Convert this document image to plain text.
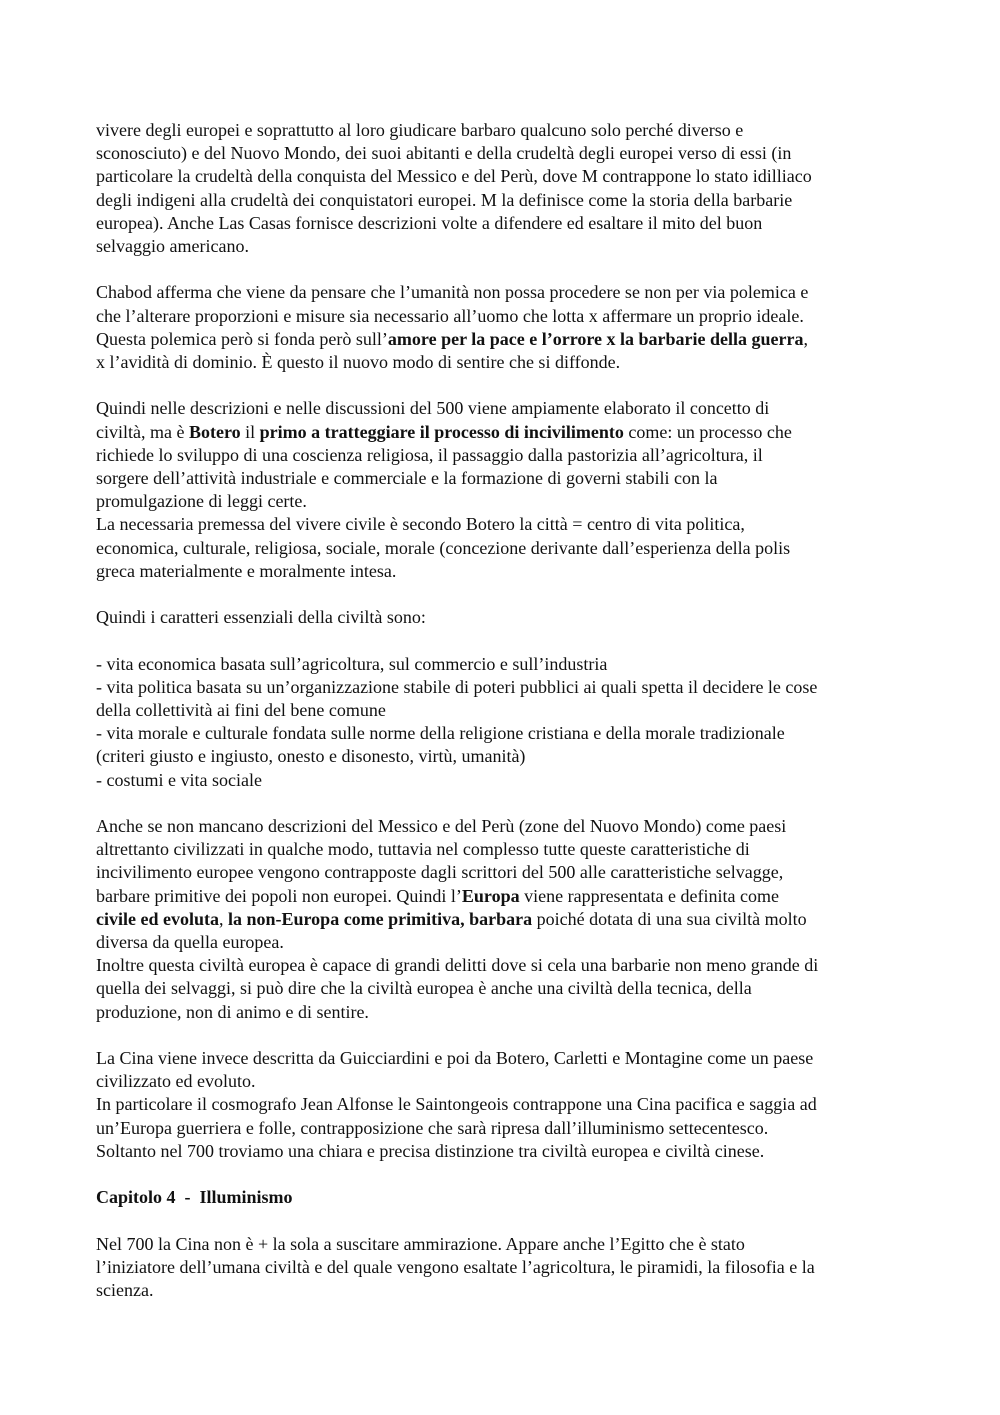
vivere degli europei e soprattutto al loro giudicare barbaro qualcuno solo perché diverso e
sconosciuto) e del Nuovo Mondo, dei suoi abitanti e della crudeltà degli europei verso di essi (in
particolare la crudeltà della conquista del Messico e del Perù, dove M contrappone lo stato idilliaco
degli indigeni alla crudeltà dei conquistatori europei. M la definisce come la storia della barbarie
europea). Anche Las Casas fornisce descrizioni volte a difendere ed esaltare il mito del buon
selvaggio americano.

Chabod afferma che viene da pensare che l’umanità non possa procedere se non per via polemica e
che l’alterare proporzioni e misure sia necessario all’uomo che lotta x affermare un proprio ideale.
Questa polemica però si fonda però sull’amore per la pace e l’orrore x la barbarie della guerra,
x l’avidità di dominio. È questo il nuovo modo di sentire che si diffonde.

Quindi nelle descrizioni e nelle discussioni del 500 viene ampiamente elaborato il concetto di
civiltà, ma è Botero il primo a tratteggiare il processo di incivilimento come: un processo che
richiede lo sviluppo di una coscienza religiosa, il passaggio dalla pastorizia all’agricoltura, il
sorgere dell’attività industriale e commerciale e la formazione di governi stabili con la
promulgazione di leggi certe.
La necessaria premessa del vivere civile è secondo Botero la città = centro di vita politica,
economica, culturale, religiosa, sociale, morale (concezione derivante dall’esperienza della polis
greca materialmente e moralmente intesa.

Quindi i caratteri essenziali della civiltà sono:

- vita economica basata sull’agricoltura, sul commercio e sull’industria
- vita politica basata su un’organizzazione stabile di poteri pubblici ai quali spetta il decidere le cose
della collettività ai fini del bene comune
- vita morale e culturale fondata sulle norme della religione cristiana e della morale tradizionale
(criteri giusto e ingiusto, onesto e disonesto, virtù, umanità)
- costumi e vita sociale

Anche se non mancano descrizioni del Messico e del Perù (zone del Nuovo Mondo) come paesi
altrettanto civilizzati in qualche modo, tuttavia nel complesso tutte queste caratteristiche di
incivilimento europee vengono contrapposte dagli scrittori del 500 alle caratteristiche selvagge,
barbare primitive dei popoli non europei. Quindi l’Europa viene rappresentata e definita come
civile ed evoluta, la non-Europa come primitiva, barbara poiché dotata di una sua civiltà molto
diversa da quella europea.
Inoltre questa civiltà europea è capace di grandi delitti dove si cela una barbarie non meno grande di
quella dei selvaggi, si può dire che la civiltà europea è anche una civiltà della tecnica, della
produzione, non di animo e di sentire.

La Cina viene invece descritta da Guicciardini e poi da Botero, Carletti e Montagine come un paese
civilizzato ed evoluto.
In particolare il cosmografo Jean Alfonse le Saintongeois contrappone una Cina pacifica e saggia ad
un’Europa guerriera e folle, contrapposizione che sarà ripresa dall’illuminismo settecentesco.
Soltanto nel 700 troviamo una chiara e precisa distinzione tra civiltà europea e civiltà cinese.

Capitolo 4  -  Illuminismo

Nel 700 la Cina non è + la sola a suscitare ammirazione. Appare anche l’Egitto che è stato
l’iniziatore dell’umana civiltà e del quale vengono esaltate l’agricoltura, le piramidi, la filosofia e la
scienza.
